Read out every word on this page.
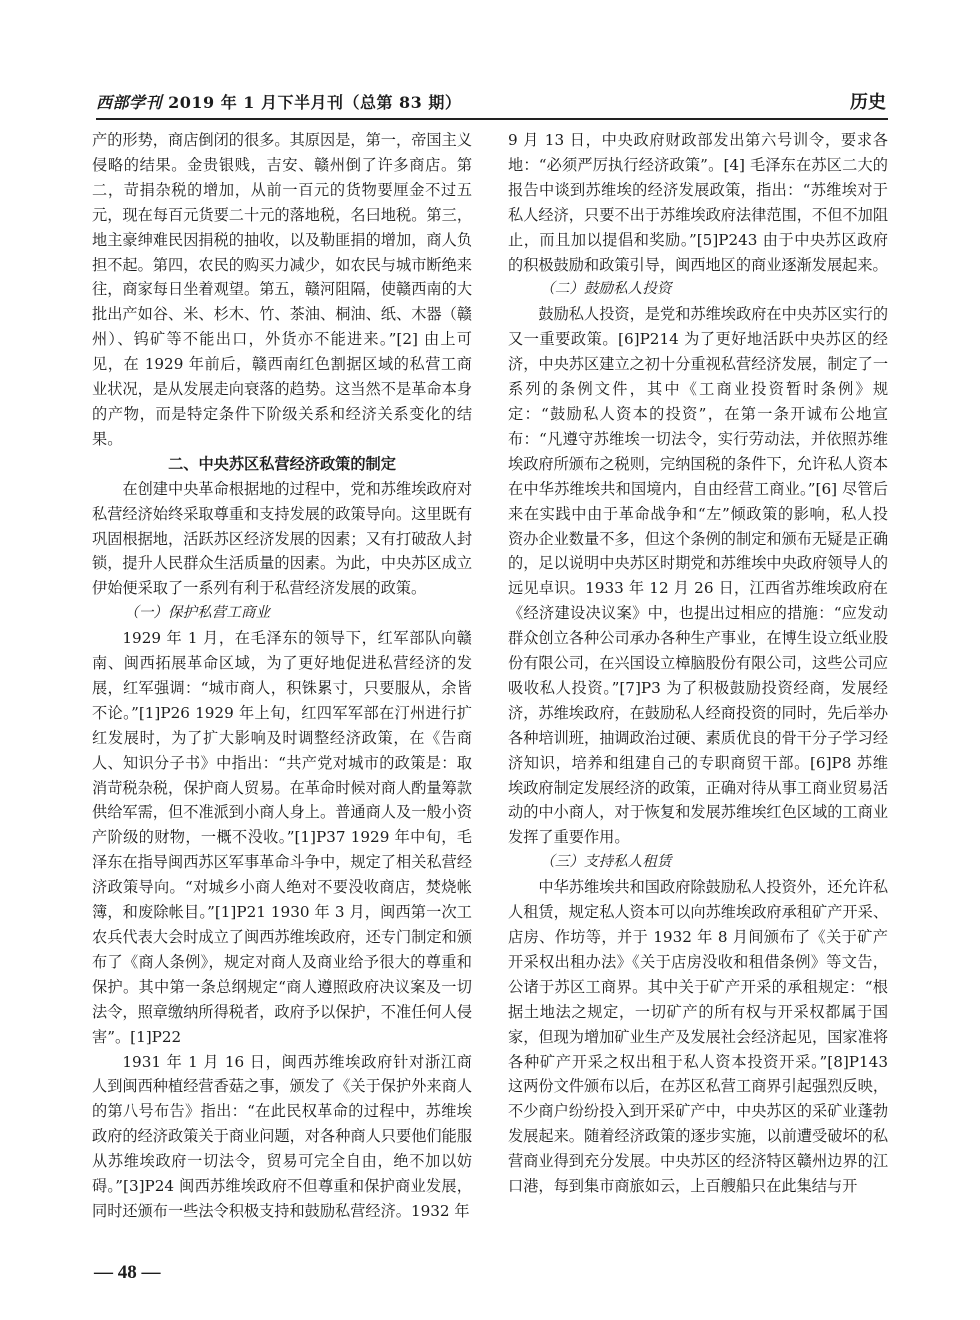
西部学刊 2019 年 1 月下半月刊（总第 83 期）	历史

产的形势，商店倒闭的很多。其原因是，第一，帝国主义侵略的结果。金贵银贱，吉安、赣州倒了许多商店。第二，苛捐杂税的增加，从前一百元的货物要厘金不过五元，现在每百元货要二十元的落地税，名曰地税。第三，地主豪绅难民因捐税的抽收，以及勒匪捐的增加，商人负担不起。第四，农民的购买力减少，如农民与城市断绝来往，商家每日坐着观望。第五，赣河阻隔，使赣西南的大批出产如谷、米、杉木、竹、茶油、桐油、纸、木器（赣州）、钨矿等不能出口，外货亦不能进来。”[2] 由上可见，在 1929 年前后，赣西南红色割据区域的私营工商业状况，是从发展走向衰落的趋势。这当然不是革命本身的产物，而是特定条件下阶级关系和经济关系变化的结果。

二、中央苏区私营经济政策的制定

在创建中央革命根据地的过程中，党和苏维埃政府对私营经济始终采取尊重和支持发展的政策导向。这里既有巩固根据地，活跃苏区经济发展的因素；又有打破敌人封锁，提升人民群众生活质量的因素。为此，中央苏区成立伊始便采取了一系列有利于私营经济发展的政策。

（一）保护私营工商业

1929 年 1 月，在毛泽东的领导下，红军部队向赣南、闽西拓展革命区域，为了更好地促进私营经济的发展，红军强调：“城市商人，积铢累寸，只要服从，余皆不论。”[1]P26 1929 年上旬，红四军军部在汀州进行扩红发展时，为了扩大影响及时调整经济政策，在《告商人、知识分子书》中指出：“共产党对城市的政策是：取消苛税杂税，保护商人贸易。在革命时候对商人酌量筹款供给军需，但不准派到小商人身上。普通商人及一般小资产阶级的财物，一概不没收。”[1]P37 1929 年中旬，毛泽东在指导闽西苏区军事革命斗争中，规定了相关私营经济政策导向。“对城乡小商人绝对不要没收商店，焚烧帐簿，和废除帐目。”[1]P21 1930 年 3 月，闽西第一次工农兵代表大会时成立了闽西苏维埃政府，还专门制定和颁布了《商人条例》，规定对商人及商业给予很大的尊重和保护。其中第一条总纲规定“商人遵照政府决议案及一切法令，照章缴纳所得税者，政府予以保护，不准任何人侵害”。[1]P22

1931 年 1 月 16 日，闽西苏维埃政府针对浙江商人到闽西种植经营香菇之事，颁发了《关于保护外来商人的第八号布告》指出：“在此民权革命的过程中，苏维埃政府的经济政策关于商业问题，对各种商人只要他们能服从苏维埃政府一切法令，贸易可完全自由，绝不加以妨碍。”[3]P24 闽西苏维埃政府不但尊重和保护商业发展，同时还颁布一些法令积极支持和鼓励私营经济。1932 年

9 月 13 日，中央政府财政部发出第六号训令，要求各地：“必须严厉执行经济政策”。[4] 毛泽东在苏区二大的报告中谈到苏维埃的经济发展政策，指出：“苏维埃对于私人经济，只要不出于苏维埃政府法律范围，不但不加阻止，而且加以提倡和奖励。”[5]P243 由于中央苏区政府的积极鼓励和政策引导，闽西地区的商业逐渐发展起来。

（二）鼓励私人投资

鼓励私人投资，是党和苏维埃政府在中央苏区实行的又一重要政策。[6]P214 为了更好地活跃中央苏区的经济，中央苏区建立之初十分重视私营经济发展，制定了一系列的条例文件，其中《工商业投资暂时条例》规定：“鼓励私人资本的投资”，在第一条开诚布公地宣布：“凡遵守苏维埃一切法令，实行劳动法，并依照苏维埃政府所颁布之税则，完纳国税的条件下，允许私人资本在中华苏维埃共和国境内，自由经营工商业。”[6] 尽管后来在实践中由于革命战争和“左”倾政策的影响，私人投资办企业数量不多，但这个条例的制定和颁布无疑是正确的，足以说明中央苏区时期党和苏维埃中央政府领导人的远见卓识。1933 年 12 月 26 日，江西省苏维埃政府在《经济建设决议案》中，也提出过相应的措施：“应发动群众创立各种公司承办各种生产事业，在博生设立纸业股份有限公司，在兴国设立樟脑股份有限公司，这些公司应吸收私人投资。”[7]P3 为了积极鼓励投资经商，发展经济，苏维埃政府，在鼓励私人经商投资的同时，先后举办各种培训班，抽调政治过硬、素质优良的骨干分子学习经济知识，培养和组建自己的专职商贸干部。[6]P8 苏维埃政府制定发展经济的政策，正确对待从事工商业贸易活动的中小商人，对于恢复和发展苏维埃红色区域的工商业发挥了重要作用。

（三）支持私人租赁

中华苏维埃共和国政府除鼓励私人投资外，还允许私人租赁，规定私人资本可以向苏维埃政府承租矿产开采、店房、作坊等，并于 1932 年 8 月间颁布了《关于矿产开采权出租办法》《关于店房没收和租借条例》等文告，公诸于苏区工商界。其中关于矿产开采的承租规定：“根据土地法之规定，一切矿产的所有权与开采权都属于国家，但现为增加矿业生产及发展社会经济起见，国家准将各种矿产开采之权出租于私人资本投资开采。”[8]P143 这两份文件颁布以后，在苏区私营工商界引起强烈反映，不少商户纷纷投入到开采矿产中，中央苏区的采矿业蓬勃发展起来。随着经济政策的逐步实施，以前遭受破坏的私营商业得到充分发展。中央苏区的经济特区赣州边界的江口港，每到集市商旅如云，上百艘船只在此集结与开

— 48 —
